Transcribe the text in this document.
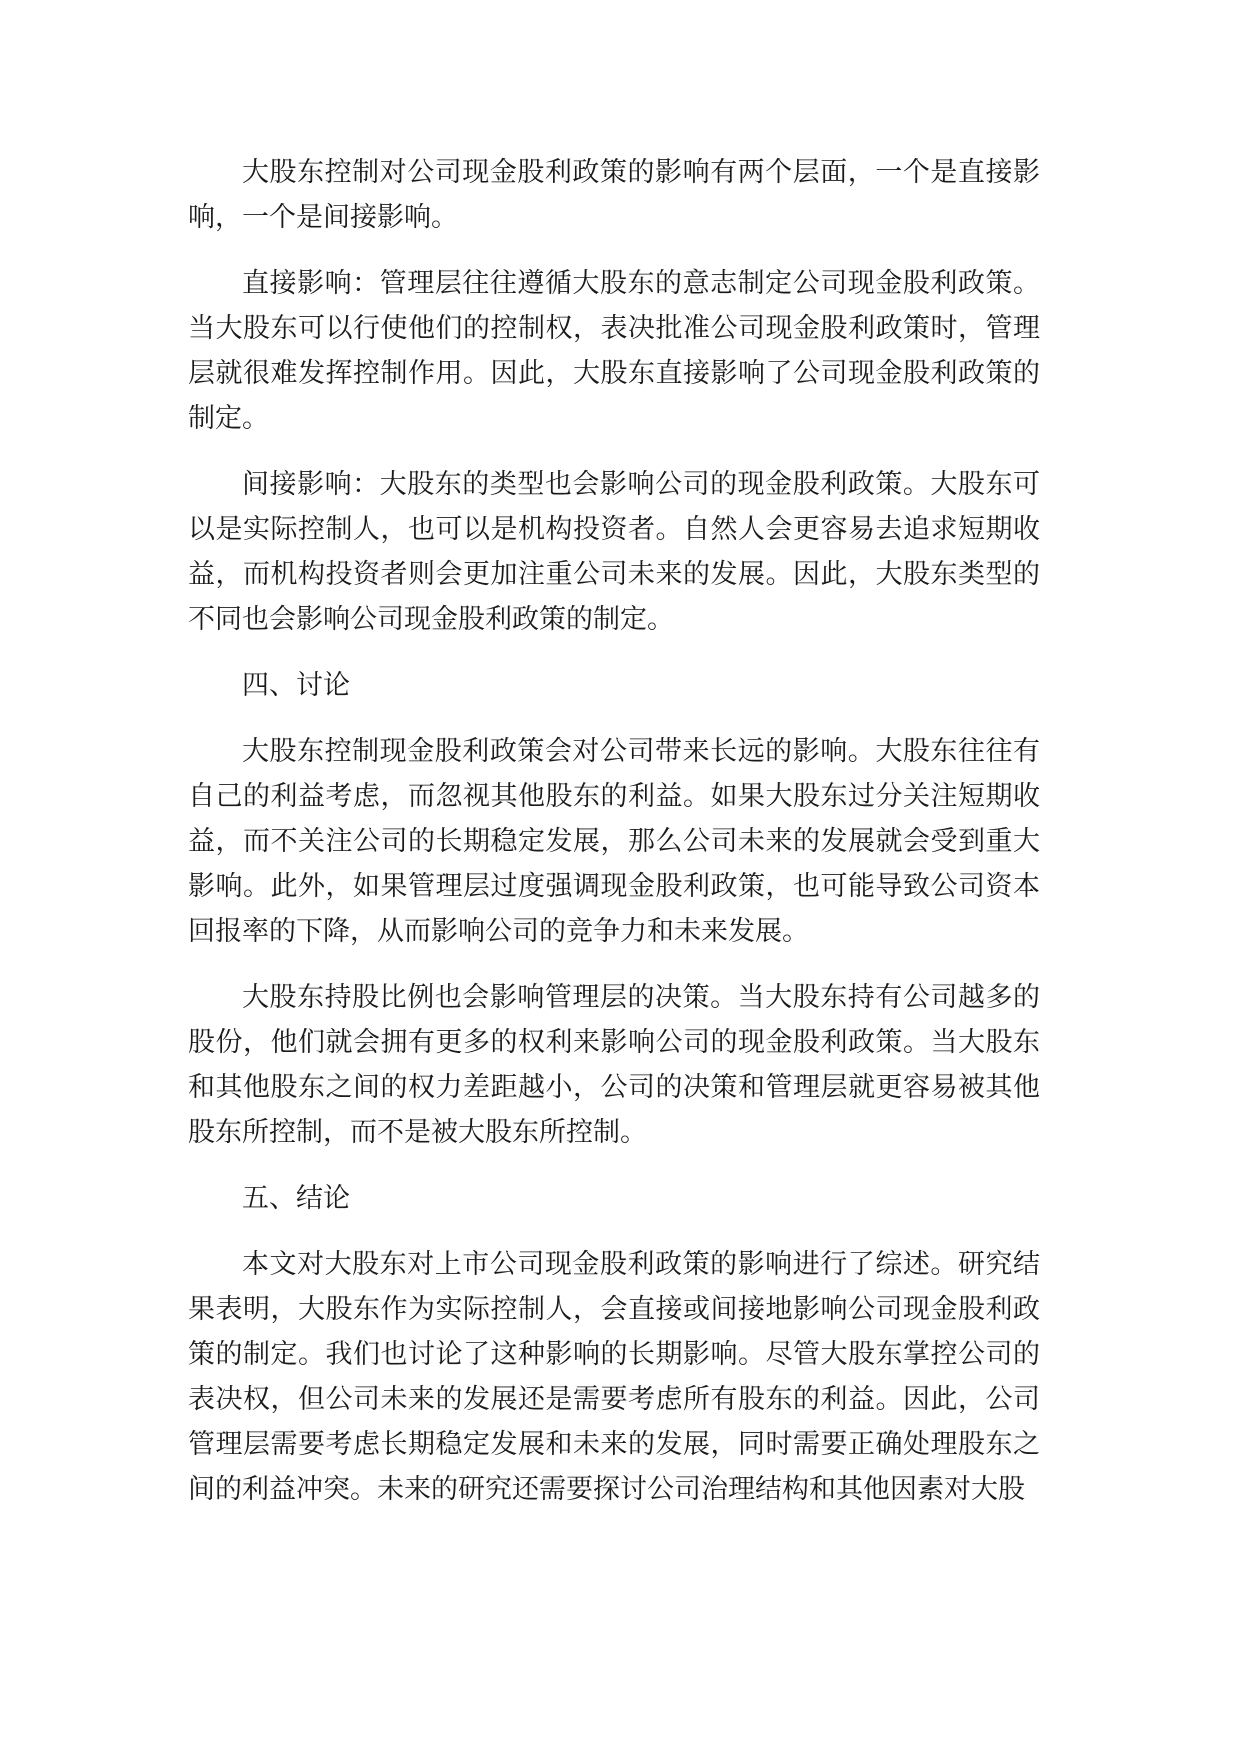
大股东控制对公司现金股利政策的影响有两个层面，一个是直接影响，一个是间接影响。

直接影响：管理层往往遵循大股东的意志制定公司现金股利政策。当大股东可以行使他们的控制权，表决批准公司现金股利政策时，管理层就很难发挥控制作用。因此，大股东直接影响了公司现金股利政策的制定。

间接影响：大股东的类型也会影响公司的现金股利政策。大股东可以是实际控制人，也可以是机构投资者。自然人会更容易去追求短期收益，而机构投资者则会更加注重公司未来的发展。因此，大股东类型的不同也会影响公司现金股利政策的制定。

四、讨论

大股东控制现金股利政策会对公司带来长远的影响。大股东往往有自己的利益考虑，而忽视其他股东的利益。如果大股东过分关注短期收益，而不关注公司的长期稳定发展，那么公司未来的发展就会受到重大影响。此外，如果管理层过度强调现金股利政策，也可能导致公司资本回报率的下降，从而影响公司的竞争力和未来发展。

大股东持股比例也会影响管理层的决策。当大股东持有公司越多的股份，他们就会拥有更多的权利来影响公司的现金股利政策。当大股东和其他股东之间的权力差距越小，公司的决策和管理层就更容易被其他股东所控制，而不是被大股东所控制。

五、结论

本文对大股东对上市公司现金股利政策的影响进行了综述。研究结果表明，大股东作为实际控制人，会直接或间接地影响公司现金股利政策的制定。我们也讨论了这种影响的长期影响。尽管大股东掌控公司的表决权，但公司未来的发展还是需要考虑所有股东的利益。因此，公司管理层需要考虑长期稳定发展和未来的发展，同时需要正确处理股东之间的利益冲突。未来的研究还需要探讨公司治理结构和其他因素对大股
